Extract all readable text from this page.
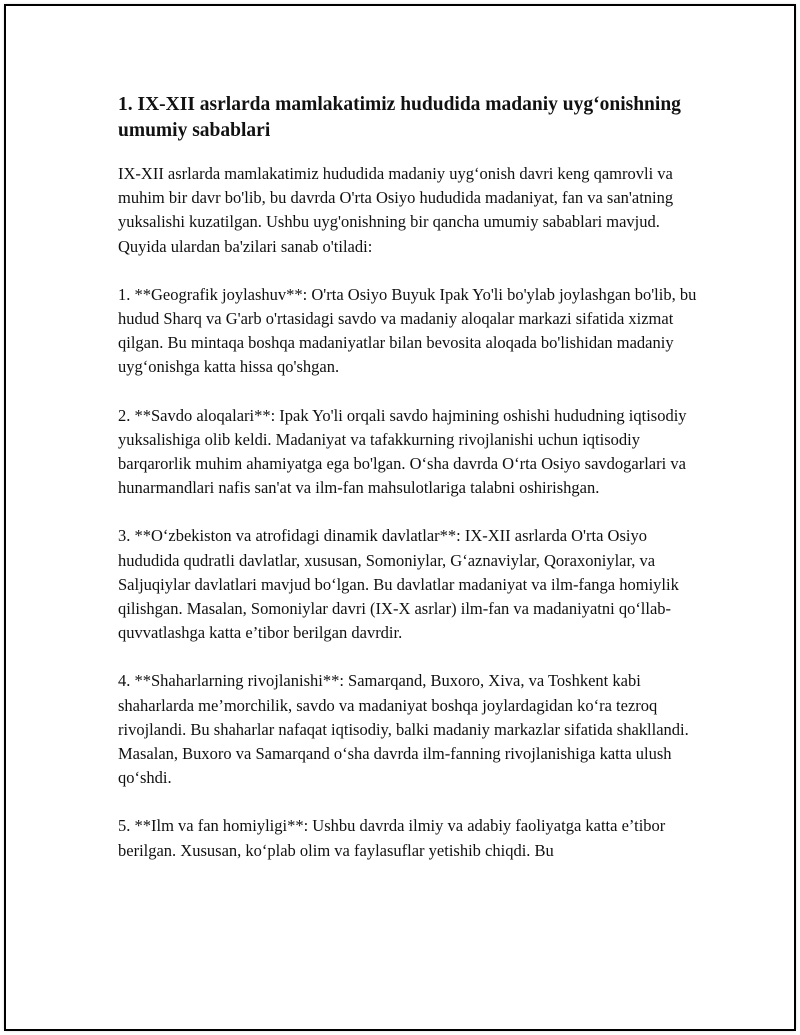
1. IX-XII asrlarda mamlakatimiz hududida madaniy uyg‘onishning umumiy sabablari

IX-XII asrlarda mamlakatimiz hududida madaniy uyg‘onish davri keng qamrovli va muhim bir davr bo'lib, bu davrda O'rta Osiyo hududida madaniyat, fan va san'atning yuksalishi kuzatilgan. Ushbu uyg'onishning bir qancha umumiy sabablari mavjud. Quyida ulardan ba'zilari sanab o'tiladi:

1. **Geografik joylashuv**: O'rta Osiyo Buyuk Ipak Yo'li bo'ylab joylashgan bo'lib, bu hudud Sharq va G'arb o'rtasidagi savdo va madaniy aloqalar markazi sifatida xizmat qilgan. Bu mintaqa boshqa madaniyatlar bilan bevosita aloqada bo'lishidan madaniy uyg‘onishga katta hissa qo'shgan.

2. **Savdo aloqalari**: Ipak Yo'li orqali savdo hajmining oshishi hududning iqtisodiy yuksalishiga olib keldi. Madaniyat va tafakkurning rivojlanishi uchun iqtisodiy barqarorlik muhim ahamiyatga ega bo'lgan. O‘sha davrda O‘rta Osiyo savdogarlari va hunarmandlari nafis san'at va ilm-fan mahsulotlariga talabni oshirishgan.

3. **O‘zbekiston va atrofidagi dinamik davlatlar**: IX-XII asrlarda O'rta Osiyo hududida qudratli davlatlar, xususan, Somoniylar, G‘aznaviylar, Qoraxoniylar, va Saljuqiylar davlatlari mavjud bo‘lgan. Bu davlatlar madaniyat va ilm-fanga homiylik qilishgan. Masalan, Somoniylar davri (IX-X asrlar) ilm-fan va madaniyatni qo‘llab-quvvatlashga katta e’tibor berilgan davrdir.

4. **Shaharlarning rivojlanishi**: Samarqand, Buxoro, Xiva, va Toshkent kabi shaharlarda me’morchilik, savdo va madaniyat boshqa joylardagidan ko‘ra tezroq rivojlandi. Bu shaharlar nafaqat iqtisodiy, balki madaniy markazlar sifatida shakllandi. Masalan, Buxoro va Samarqand o‘sha davrda ilm-fanning rivojlanishiga katta ulush qo‘shdi.

5. **Ilm va fan homiyligi**: Ushbu davrda ilmiy va adabiy faoliyatga katta e’tibor berilgan. Xususan, ko‘plab olim va faylasuflar yetishib chiqdi. Bu
